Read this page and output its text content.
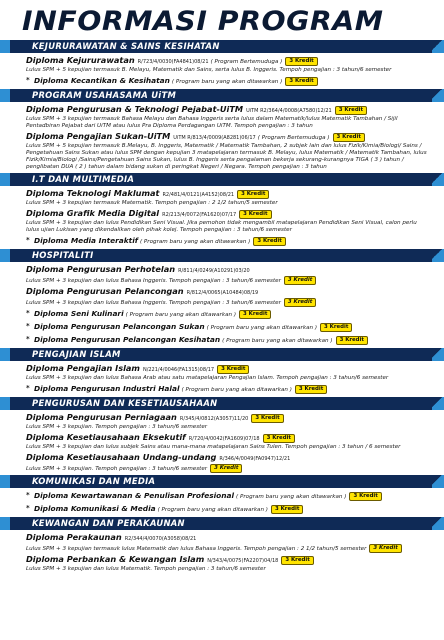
INFORMASI PROGRAM
KEJURURAWATAN & SAINS KESIHATAN
Diploma Kejururawatan R/723/4/0030(FA4841)08/21 ( Program Bertemuduga ) 3 Kredit
Lulus SPM + 5 kepujian termasuk B. Melayu, Matematik dan Sains, serta lulus B. Inggeris. Tempoh pengajian : 3 tahun/6 semester
* Diploma Kecantikan & Kesihatan ( Program baru yang akan ditawarkan ) 3 Kredit
PROGRAM USAHASAMA UiTM
Diploma Pengurusan & Teknologi Pejabat-UiTM UiTM R2/364/4/0008(A7580)12/21 3 Kredit
Lulus SPM + 3 kepujian termasuk Bahasa Melayu dan Bahasa Inggeris serta lulus dalam Matematik/lulus Matematik Tambahan / Sijil Pentadbiran Pejabat dari UiTM atau lulus Pra Diploma Perdagangan UiTM. Tempoh pengajian : 3 tahun
Diploma Pengajian Sukan-UiTM UiTM R/813/4/0009(A8281)06/17 ( Program Bertemuduga ) 3 Kredit
Lulus SPM + 5 kepujian termasuk B.Melayu, B. Inggeris, Matematik / Matematik Tambahan, 2 subjek lain dan lulus Fizik/Kimia/Biologi/ Sains / Pengetahuan Sains Sukan atau lulus SPM dengan kepujian 3 matapelajaran termasuk B. Melayu, lulus Matematik / Matematik Tambahan, lulus Fizik/Kimia/Biologi /Sains/Pengetahuan Sains Sukan, lulus B. Inggeris serta pengalaman bekerja sekurang-kurangnya TIGA ( 3 ) tahun / penglibatan DUA ( 2 ) tahun dalam bidang sukan di peringkat Negeri / Negara. Tempoh pengajian : 3 tahun
I.T DAN MULTIMEDIA
Diploma Teknologi Maklumat R2/481/4/0121(A4152)08/21 3 Kredit
Lulus SPM + 3 kepujian termasuk Matematik. Tempoh pengajian : 2 1/2 tahun/5 semester
Diploma Grafik Media Digital R2/213/4/0072(FA1620)07/17 3 Kredit
Lulus SPM + 3 kepujian dan lulus Pendidikan Seni Visual. Jika pemohon tidak mengambil matapelajaran Pendidikan Seni Visual, calon perlu lulus ujian Lukisan yang dikendalikan oleh pihak kolej. Tempoh pengajian : 3 tahun/6 semester
* Diploma Media Interaktif ( Program baru yang akan ditawarkan ) 3 Kredit
HOSPITALITI
Diploma Pengurusan Perhotelan R/811/4/0249(A10291)03/20
Lulus SPM + 3 kepujian dan lulus Bahasa Inggeris. Tempoh pengajian : 3 tahun/6 semester 3 Kredit
Diploma Pengurusan Pelancongan R/812/4/0065(A10484)08/19
Lulus SPM + 3 kepujian dan lulus Bahasa Inggeris. Tempoh pengajian : 3 tahun/6 semester 3 Kredit
* Diploma Seni Kulinari ( Program baru yang akan ditawarkan ) 3 Kredit
* Diploma Pengurusan Pelancongan Sukan ( Program baru yang akan ditawarkan ) 3 Kredit
* Diploma Pengurusan Pelancongan Kesihatan ( Program baru yang akan ditawarkan ) 3 Kredit
PENGAJIAN ISLAM
Diploma Pengajian Islam N/221/4/0046(FA1315)08/17 3 Kredit
Lulus SPM + 3 kepujian dan lulus Bahasa Arab atau satu matapelajaran Pengajian Islam. Tempoh pengajian : 3 tahun/6 semester
* Diploma Pengurusan Industri Halal ( Program baru yang akan ditawarkan ) 3 Kredit
PENGURUSAN DAN KESETIAUSAHAAN
Diploma Pengurusan Perniagaan R/345/4/0812(A3057)11/20 3 Kredit
Lulus SPM + 3 kepujian. Tempoh pengajian : 3 tahun/6 semester
Diploma Kesetiausahaan Eksekutif R/720/4/0042(FA1609)07/18 3 Kredit
Lulus SPM + 3 kepujian dan lulus subjek Sains atau mana-mana matapelajaran Sains Tulen. Tempoh pengajian : 3 tahun / 6 semester
Diploma Kesetiausahaan Undang-undang R/346/4/0049(FA0947)12/21
Lulus SPM + 3 kepujian. Tempoh pengajian : 3 tahun/6 semester 3 Kredit
KOMUNIKASI DAN MEDIA
* Diploma Kewartawanan & Penulisan Profesional ( Program baru yang akan ditawarkan ) 3 Kredit
* Diploma Komunikasi & Media ( Program baru yang akan ditawarkan ) 3 Kredit
KEWANGAN DAN PERAKAUNAN
Diploma Perakaunan R2/344/4/0070(A3058)08/21
Lulus SPM + 3 kepujian termasuk lulus Matematik dan lulus Bahasa Inggeris. Tempoh pengajian : 2 1/2 tahun/5 semester 3 Kredit
Diploma Perbankan & Kewangan Islam N/343/4/0075(FA2207)04/18 3 Kredit
Lulus SPM + 3 kepujian dan lulus Matematik. Tempoh pengajian : 3 tahun/6 semester
